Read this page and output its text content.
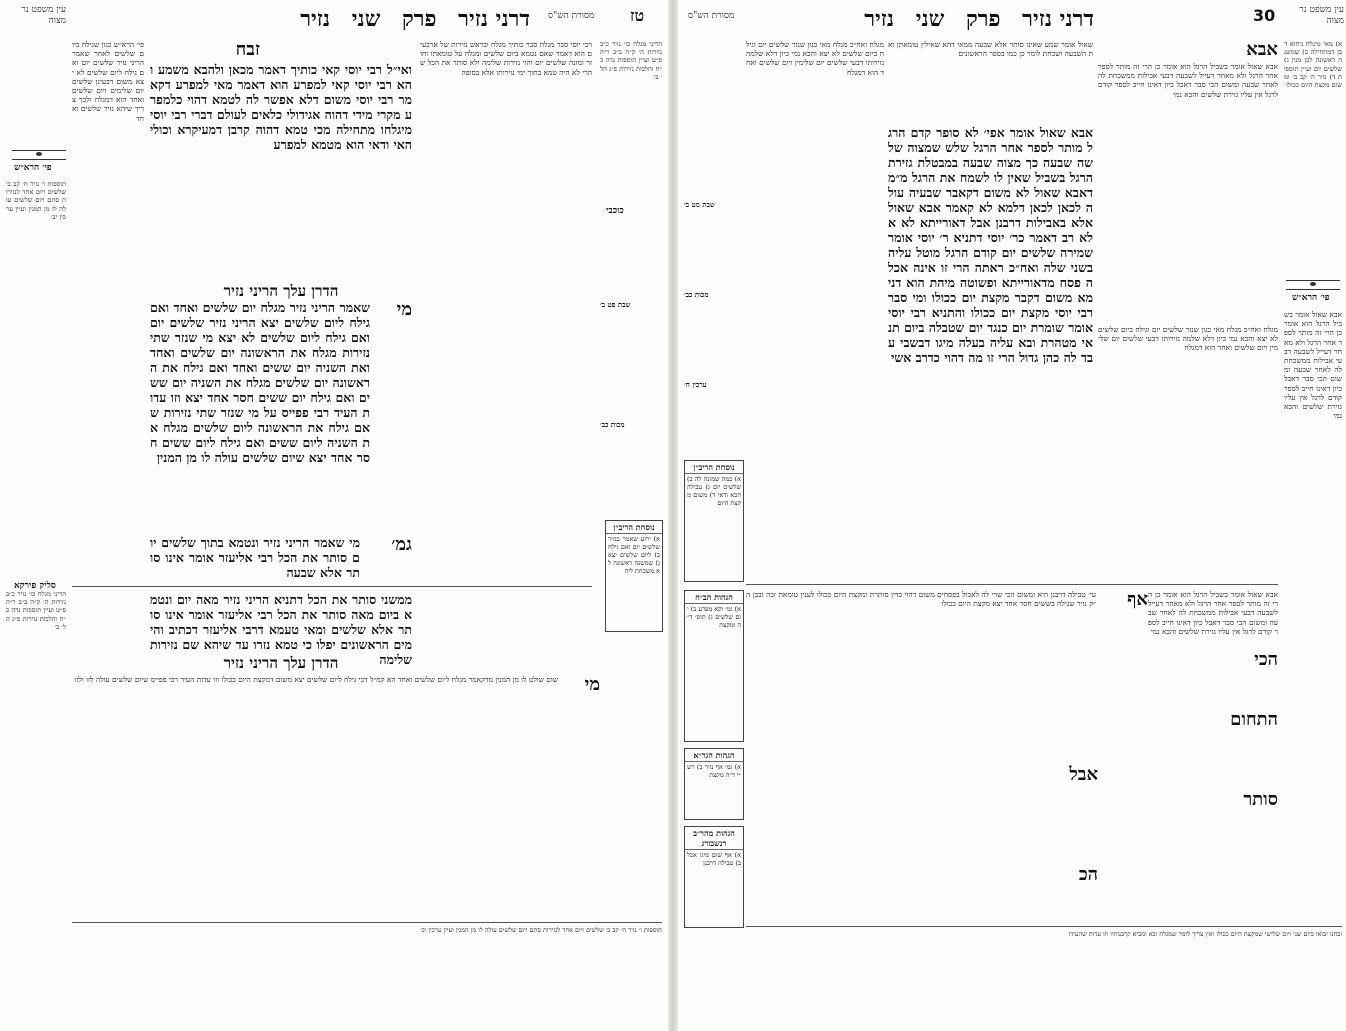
דרני נזיר פרק שני נזיר	טז
מסורת הש"ס
עין משפט נר מצוה
הריני מגלח כו׳ נזיר כ״ב נזירות ה׳ ק״ה ב״ב ר״ה פ״ט ועיין תוספות נדה כ״ח והלכות נזירות פ״ג הל׳ ב׳
כוכבי
שבת פט ב׳
מכות כב׳
נוסחת הריב״ן
א) ירוע שאמר בנזיר שלשים יום ואם גילח ב) ליום שלשים יצא ג) שמשנה ראשונה לא משכחת ליה
רבי יוסי סבר מגלח סבר כותיך מגלח ובראש נזירות של ארבעים הוא דאמר שאם נטמא ביום שלשים ומגלח על טומאתו וחוזר ומונה שלשים יום והוי נזירות שלימה ולא סותר את הכל שהרי לא היה טמא בתוך ימי נזירותו אלא בסופה
זבח
ואי״ל רבי יוסי קאי כותיך דאמר מכאן ולהבא משמע והא רבי יוסי קאי למפרע הוא דאמר מאי למפרע דקאמר רבי יוסי משום דלא אפשר לה לטמא דהוי כלמפרע מקרי מידי דהוה אגידולי כלאים לעולם דברי רבי יוסי מיגלחו מתחילה מכי טמא דהוה קרבן דמעיקרא וכולי האי ודאי הוא מטמא למפרע
הדרן עלך הריני נזיר
מי
שאמר הריני נזיר מגלח יום שלשים ואחד ואם גילח ליום שלשים יצא הריני נזיר שלשים יום ואם גילח ליום שלשים לא יצא מי שנזר שתי נזירות מגלח את הראשונה יום שלשים ואחד ואת השניה יום ששים ואחד ואם גילח את הראשונה יום שלשים מגלח את השניה יום ששים ואם גילח יום ששים חסר אחד יצא וזו עדות העיד רבי פפייס על מי שנזר שתי נזירות שאם גילח את הראשונה ליום שלשים מגלח את השניה ליום ששים ואם גילח ליום ששים חסר אחד יצא שיום שלשים עולה לו מן המנין
גמ׳
מי שאמר הריני נזיר ונטמא בתוך שלשים יום סותר את הכל רבי אליעזר אומר אינו סותר אלא שבעה
פי׳ הרא״ש כגון שגילח ביום שלשים לאחר שאמר הריני נזיר שלשים יום ואם גילח ליום שלשים לא יצא משום דבעינן שלשים יום שלימים ויום שלשים ואחד הוא דמגלח ולכך צריך שיהא נזיר שלשים ואחד
פי׳ הרא״ש
תוספות ו׳ נזיר ח׳ קב ב׳ שלשים ויום אחד לנזירות סתם ויום שלשים עולה לו מן המנין ועיין ערכין יב׳
סליק פירקא
ממשני סותר את הכל דתניא הריני נזיר מאה יום ונטמא ביום מאה סותר את הכל רבי אליעזר אומר אינו סותר אלא שלשים ומאי טעמא דרבי אליעזר דכתיב והימים הראשונים יפלו כי טמא נזרו עד שיהא שם נזירות שלימה
הדרן עלך הריני נזיר
מי
שום שולט לו מן המנין מדקאמר מגלח ליום שלשים ואחד הא קמ״ל דכי גילח ליום שלשים יצא משום דמקצת היום ככולו וזו עדות העיד רבי פפייס שיום שלשים עולה לזו ולזו
הריני מגלח כו׳ נזיר כ״ב נזירות ה׳ ק״ה ב״ב ר״ה פ״ט ועיין תוספות נדה כ״ח והלכות נזירות פ״ג הל׳ ב׳
תוספות ו׳ נזיר ח׳ קב ב׳ שלשים ויום אחד לנזירות סתם ויום שלשים עולה לו מן המנין ועיין ערכין יב׳
דרני נזיר פרק שני נזיר	30
מסורת הש"ס
עין משפט נר מצוה
א) מאי מיגלח ניחוא דבן דמתחילה ב) שמשנה ראשונה לכן מנין ג) שלשים יום ועיין תוספות ד) נזיר ה׳ קב ב׳ ומשום מקצת היום ככולו
פי׳ הרא״ש
אבא שאול אומר בשביל הרגל הוא אומר כן הרי זה מותר לספר אחר הרגל ולא מאחר דעייל לשבעה דבעי אבילות ממשכחת לה לאחר שבעה ומשום הכי סבר דאבל כיון דאינו חייב לספר קודם לרגל אין עליו גזירת שלשים והכא נמי
אבא
אבא שאול אומר בשביל הרגל הוא אומר כן הרי זה מותר לספר אחר הרגל ולא מאחר דעייל לשבעה דבעי אבילות ממשכחת לה לאחר שבעה ומשום הכי סבר דאבל כיון דאינו חייב לספר קודם לרגל אין עליו גזירת שלשים והכא נמי
מגלח ואח״כ מגלח מאי כגון שנזר שלשים יום וגילח ביום שלשים לא יצא והכא נמי כיון דלא שלמה נזירותו דבעי שלשים יום שלימין ויום שלשים ואחד הוא דמגלח
שאול אומר שמע שאינו סותר אלא שבעה ממאי דהא שאילין טומאתן ואת השבעה ושכחת לומר כן כמו בספר הראשונים
אבא שאול אומר אפי׳ לא סופר קדם הרגל מותר לספר אחר הרגל שלש שמצוה שלשה שבעה כך מצוה שבעה במבטלת גזירת הרגל בשביל שאין לו לשמח את הרגל מ״מ דאבא שאול לא משום דקאבר שבעיה עולה לכאן לכאן דלמא לא קאמר אבא שאול אלא באבילות דרבנן אבל דאורייתא לא אלא רב דאמר כר׳ יוסי דתניא ר׳ יוסי אומר שמירה שלשים יום קודם הרגל מוטל עליה בשני שלה ואח״כ ראתה הרי זו אינה אכלה פסח מדאורייתא ופשוטה מיהת הוא דנימא משום דקבר מקצת יום ככולו ומי סבר רבי יוסי מקצת יום ככולו והתניא רבי יוסי אומר שומרת יום כנגד יום שטבלה ביום תנאי מטהרת ובא עליה בעלה מיגו דבשבי עבד לה כהן גדול הרי זו מה דהוי כדרב אשי
מגלח ואח״כ מגלח מאי כגון שנזר שלשים יום וגילח ביום שלשים לא יצא והכא נמי כיון דלא שלמה נזירותו דבעי שלשים יום שלימין ויום שלשים ואחד הוא דמגלח
שבת מט ב׳
מכות כב׳
ערכין ח׳
נוסחת הריב״ן
א) כמה שמונה לה ב) שלשים יום ג) טבילה הכא ודאי ד) משום מקצת היום
הגהות הב״ח
א) גמ׳ וקא מפרע ב) יום שלשים ג) תוס׳ ד״ה ומקצת
הגהות הגר״א
א) גמ׳ אף נזיר ב) רש״י ד״ה מקצת
הגהות מהר״ב רנשבורג
א) אף שום מיגו אכל ב) טבילה דרבנן
אף
עי׳ טבילה דרבנן היא ומשום הכי שרי לה לאכול בפסחים משום דהוי כדין סותרת ומקצת היום ככולו לענין טומאת זבה ובכן ה״ק נזיר שגילח בששים חסר אחד יצא מקצת היום ככולו
אבא שאול אומר בשביל הרגל הוא אומר כן הרי זה מותר לספר אחר הרגל ולא מאחר דעייל לשבעה דבעי אבילות ממשכחת לה לאחר שבעה ומשום הכי סבר דאבל כיון דאינו חייב לספר קודם לרגל אין עליו גזירת שלשים והכא נמי
התחום
הכי
סותר
אבל
הכ
ובחנו יבואו ביום שני ויום שלישי שמקצת היום ככולו ואין צריך לומר שמגלח ובא ומביא קרבנותיו וזו עדות שהעידו
